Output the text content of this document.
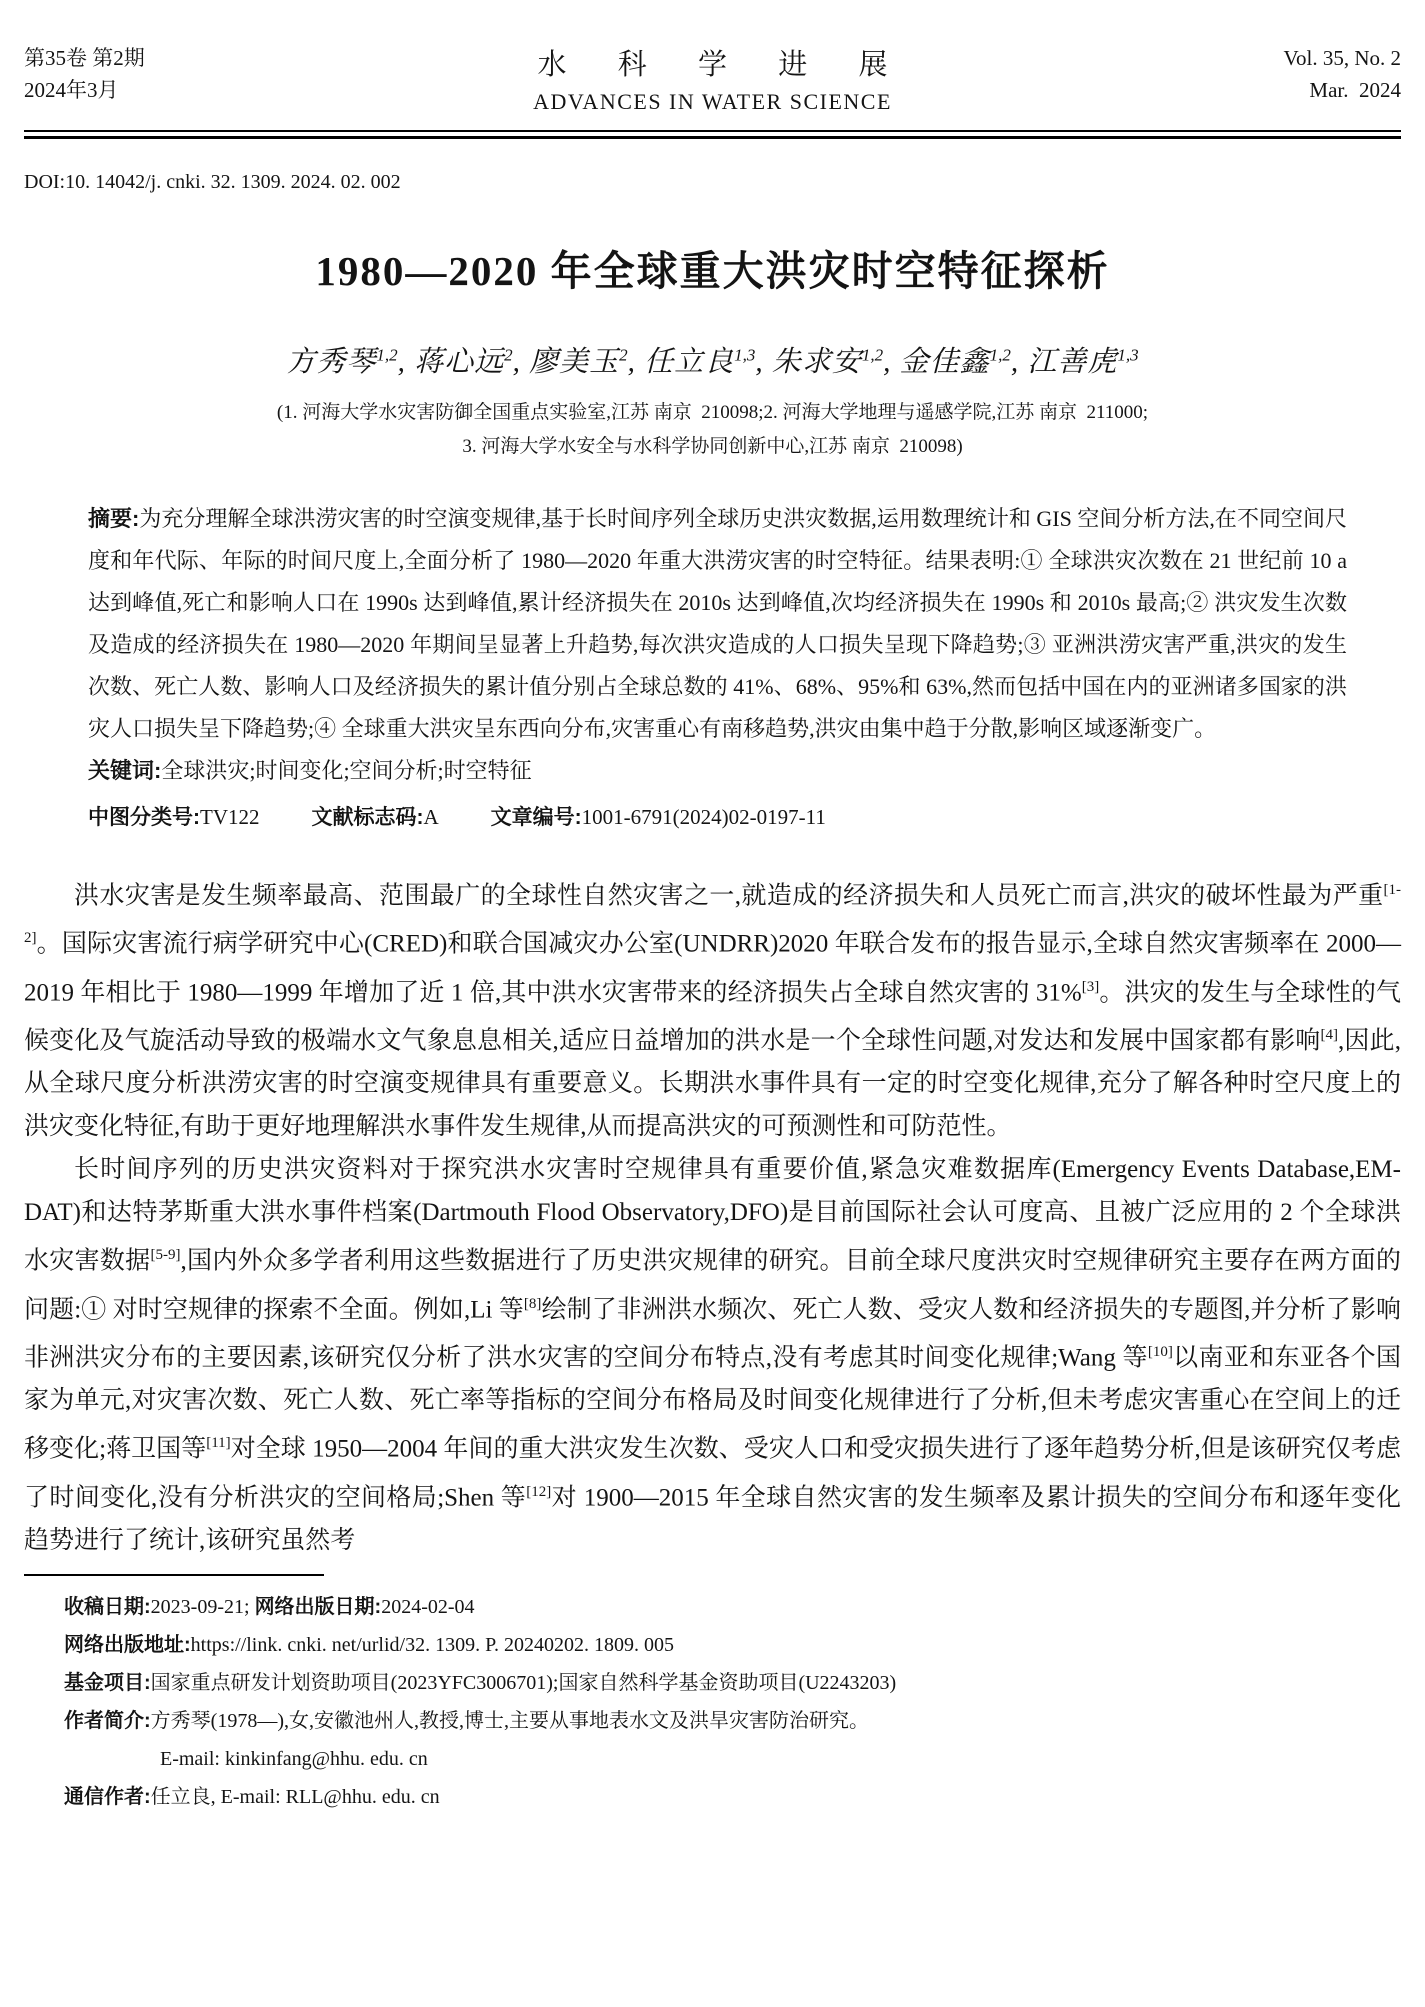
第35卷 第2期
2024年3月
水 科 学 进 展
ADVANCES IN WATER SCIENCE
Vol. 35, No. 2
Mar.  2024
DOI:10. 14042/j. cnki. 32. 1309. 2024. 02. 002
1980—2020 年全球重大洪灾时空特征探析
方秀琴$^{1,2}$, 蒋心远$^2$, 廖美玉$^2$, 任立良$^{1,3}$, 朱求安$^{1,2}$, 金佳鑫$^{1,2}$, 江善虎$^{1,3}$
(1. 河海大学水灾害防御全国重点实验室,江苏 南京  210098;2. 河海大学地理与遥感学院,江苏 南京  211000;
3. 河海大学水安全与水科学协同创新中心,江苏 南京  210098)

摘要:为充分理解全球洪涝灾害的时空演变规律,基于长时间序列全球历史洪灾数据,运用数理统计和 GIS 空间分析方法,在不同空间尺度和年代际、年际的时间尺度上,全面分析了 1980—2020 年重大洪涝灾害的时空特征。结果表明:① 全球洪灾次数在 21 世纪前 10 a 达到峰值,死亡和影响人口在 1990s 达到峰值,累计经济损失在 2010s 达到峰值,次均经济损失在 1990s 和 2010s 最高;② 洪灾发生次数及造成的经济损失在 1980—2020 年期间呈显著上升趋势,每次洪灾造成的人口损失呈现下降趋势;③ 亚洲洪涝灾害严重,洪灾的发生次数、死亡人数、影响人口及经济损失的累计值分别占全球总数的 41%、68%、95%和 63%,然而包括中国在内的亚洲诸多国家的洪灾人口损失呈下降趋势;④ 全球重大洪灾呈东西向分布,灾害重心有南移趋势,洪灾由集中趋于分散,影响区域逐渐变广。

关键词:全球洪灾;时间变化;空间分析;时空特征

中图分类号:TV122 文献标志码:A 文章编号:1001-6791(2024)02-0197-11

洪水灾害是发生频率最高、范围最广的全球性自然灾害之一,就造成的经济损失和人员死亡而言,洪灾的破坏性最为严重[1-2]。国际灾害流行病学研究中心(CRED)和联合国减灾办公室(UNDRR)2020 年联合发布的报告显示,全球自然灾害频率在 2000—2019 年相比于 1980—1999 年增加了近 1 倍,其中洪水灾害带来的经济损失占全球自然灾害的 31%[3]。洪灾的发生与全球性的气候变化及气旋活动导致的极端水文气象息息相关,适应日益增加的洪水是一个全球性问题,对发达和发展中国家都有影响[4],因此,从全球尺度分析洪涝灾害的时空演变规律具有重要意义。长期洪水事件具有一定的时空变化规律,充分了解各种时空尺度上的洪灾变化特征,有助于更好地理解洪水事件发生规律,从而提高洪灾的可预测性和可防范性。

长时间序列的历史洪灾资料对于探究洪水灾害时空规律具有重要价值,紧急灾难数据库(Emergency Events Database,EM-DAT)和达特茅斯重大洪水事件档案(Dartmouth Flood Observatory,DFO)是目前国际社会认可度高、且被广泛应用的 2 个全球洪水灾害数据[5-9],国内外众多学者利用这些数据进行了历史洪灾规律的研究。目前全球尺度洪灾时空规律研究主要存在两方面的问题:① 对时空规律的探索不全面。例如,Li 等[8]绘制了非洲洪水频次、死亡人数、受灾人数和经济损失的专题图,并分析了影响非洲洪灾分布的主要因素,该研究仅分析了洪水灾害的空间分布特点,没有考虑其时间变化规律;Wang 等[10]以南亚和东亚各个国家为单元,对灾害次数、死亡人数、死亡率等指标的空间分布格局及时间变化规律进行了分析,但未考虑灾害重心在空间上的迁移变化;蒋卫国等[11]对全球 1950—2004 年间的重大洪灾发生次数、受灾人口和受灾损失进行了逐年趋势分析,但是该研究仅考虑了时间变化,没有分析洪灾的空间格局;Shen 等[12]对 1900—2015 年全球自然灾害的发生频率及累计损失的空间分布和逐年变化趋势进行了统计,该研究虽然考

收稿日期:2023-09-21; 网络出版日期:2024-02-04
网络出版地址:https://link. cnki. net/urlid/32. 1309. P. 20240202. 1809. 005
基金项目:国家重点研发计划资助项目(2023YFC3006701);国家自然科学基金资助项目(U2243203)
作者简介:方秀琴(1978—),女,安徽池州人,教授,博士,主要从事地表水文及洪旱灾害防治研究。
E-mail: kinkinfang@hhu. edu. cn
通信作者:任立良, E-mail: RLL@hhu. edu. cn
